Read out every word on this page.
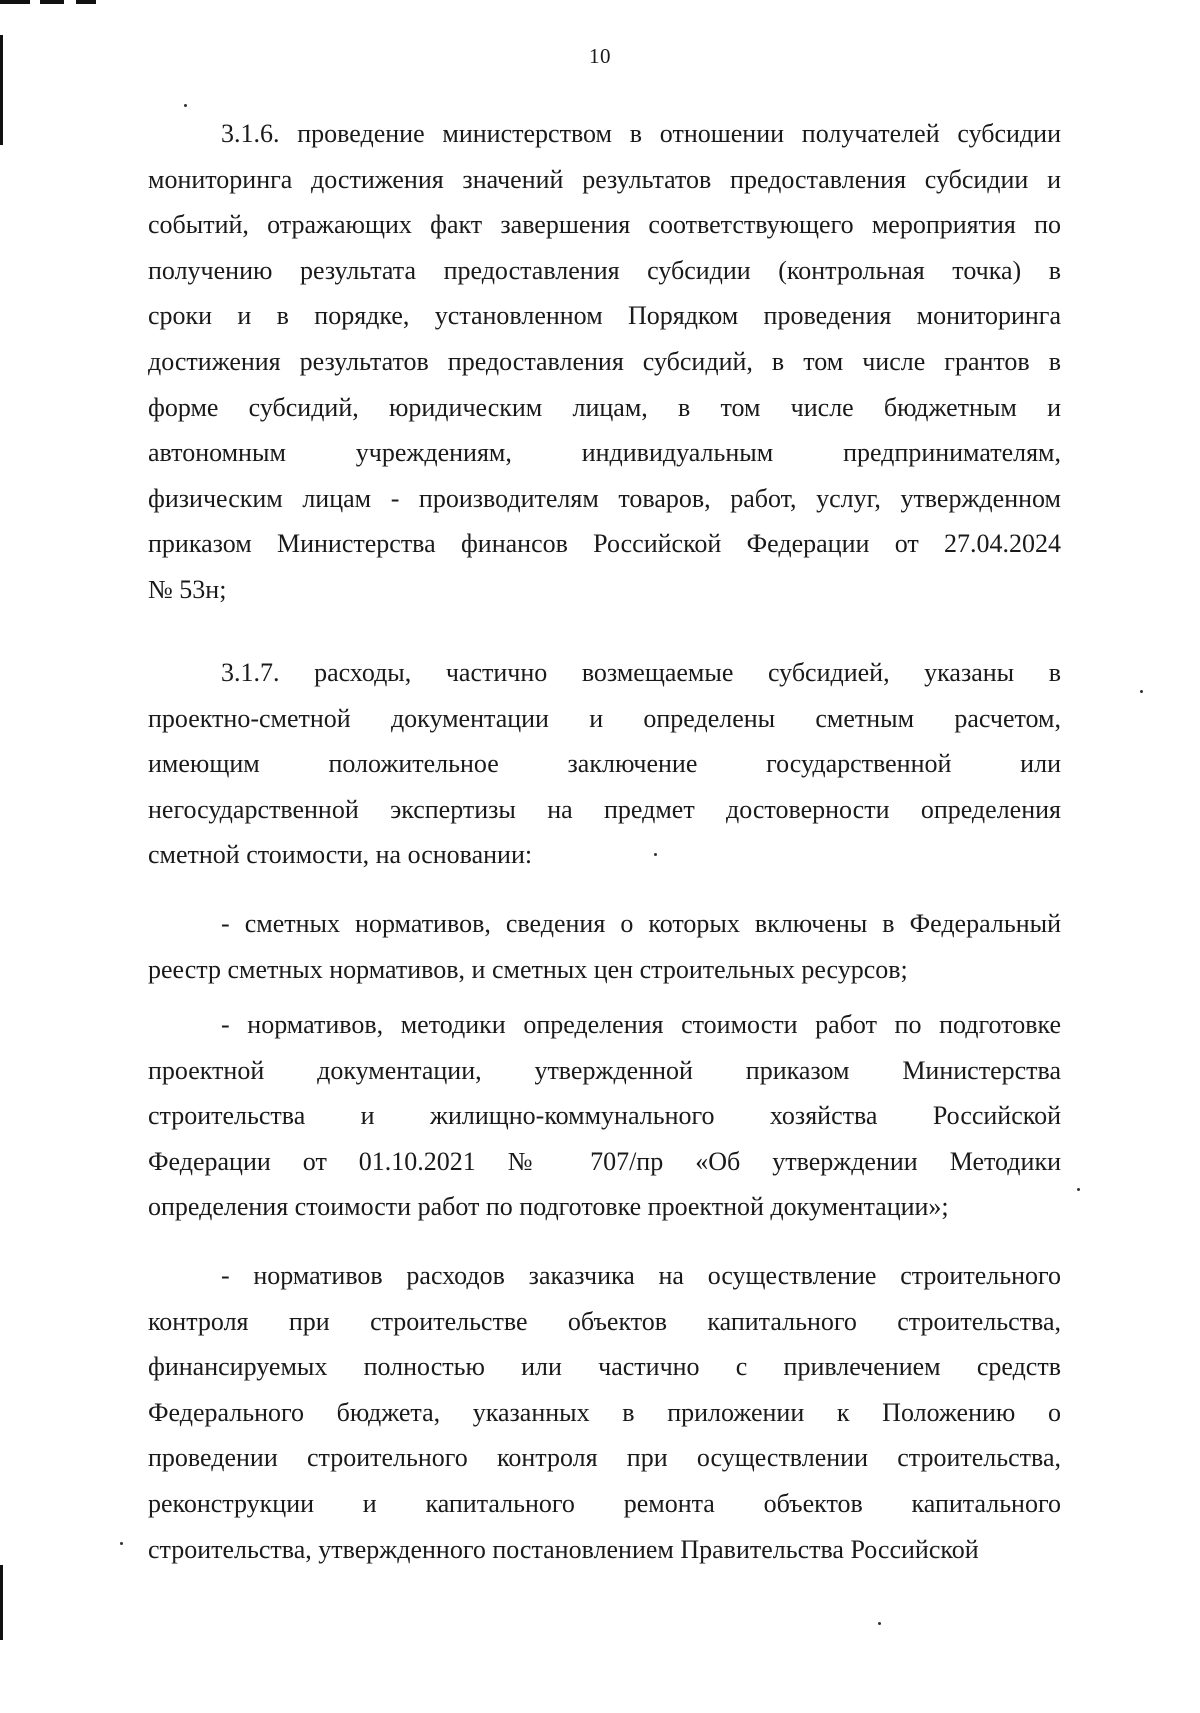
10
3.1.6. проведение министерством в отношении получателей субсидии
мониторинга достижения значений результатов предоставления субсидии и
событий, отражающих факт завершения соответствующего мероприятия по
получению результата предоставления субсидии (контрольная точка) в
сроки и в порядке, установленном Порядком проведения мониторинга
достижения результатов предоставления субсидий, в том числе грантов в
форме субсидий, юридическим лицам, в том числе бюджетным и
автономным учреждениям, индивидуальным предпринимателям,
физическим лицам - производителям товаров, работ, услуг, утвержденном
приказом Министерства финансов Российской Федерации от 27.04.2024
№ 53н;
3.1.7. расходы, частично возмещаемые субсидией, указаны в
проектно-сметной документации и определены сметным расчетом,
имеющим положительное заключение государственной или
негосударственной экспертизы на предмет достоверности определения
сметной стоимости, на основании:
- сметных нормативов, сведения о которых включены в Федеральный
реестр сметных нормативов, и сметных цен строительных ресурсов;
- нормативов, методики определения стоимости работ по подготовке
проектной документации, утвержденной приказом Министерства
строительства и жилищно-коммунального хозяйства Российской
Федерации от 01.10.2021 № 707/пр «Об утверждении Методики
определения стоимости работ по подготовке проектной документации»;
- нормативов расходов заказчика на осуществление строительного
контроля при строительстве объектов капитального строительства,
финансируемых полностью или частично с привлечением средств
Федерального бюджета, указанных в приложении к Положению о
проведении строительного контроля при осуществлении строительства,
реконструкции и капитального ремонта объектов капитального
строительства, утвержденного постановлением Правительства Российской
